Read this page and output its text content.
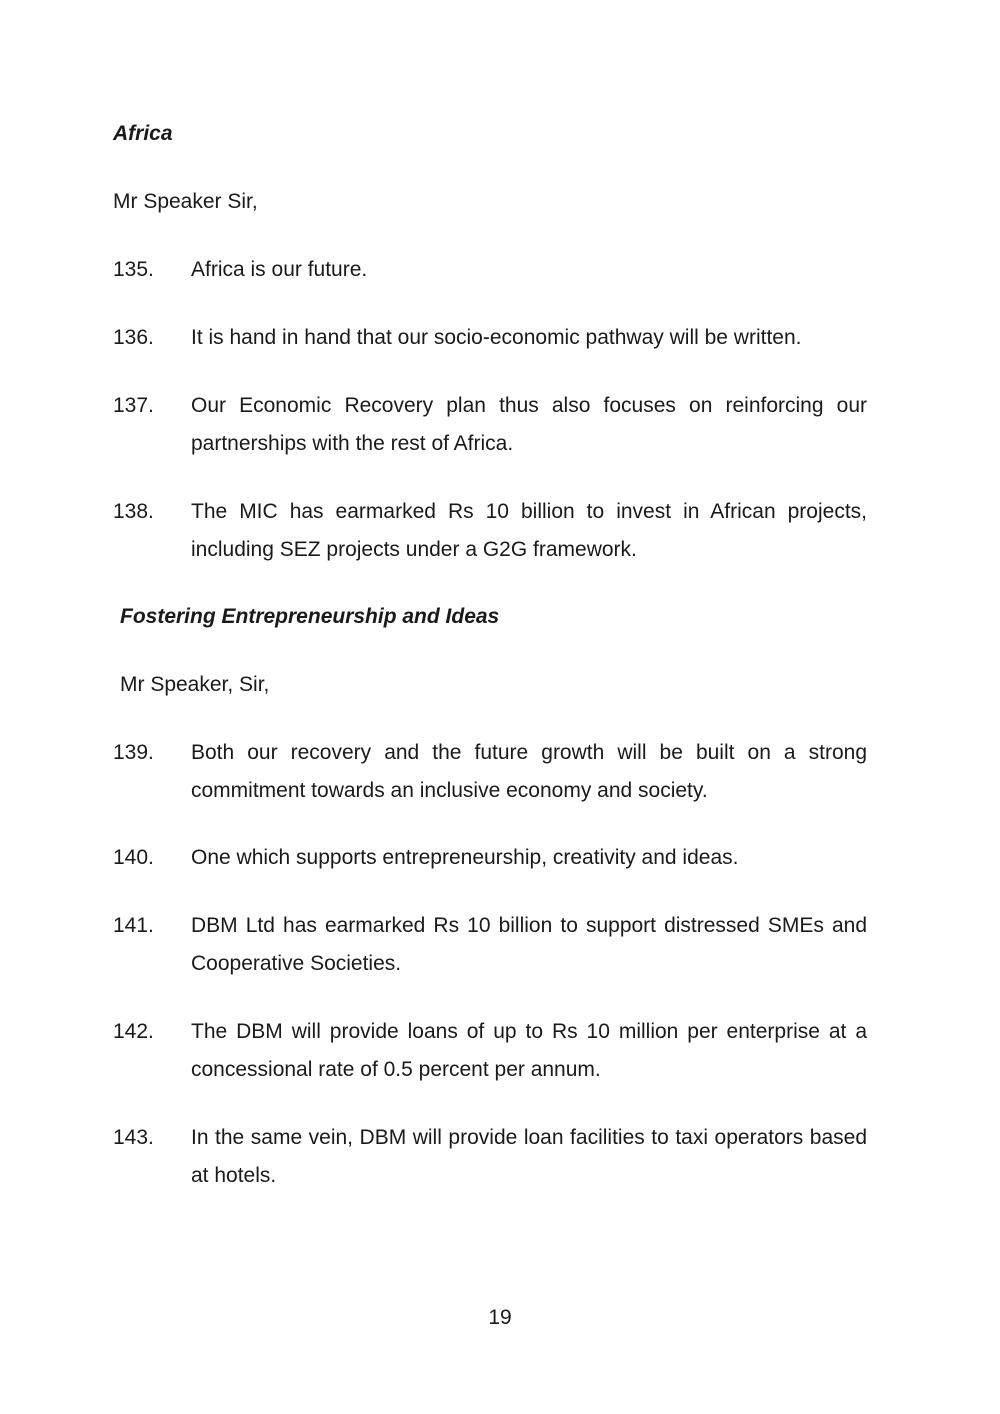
Africa
Mr Speaker Sir,
135.	Africa is our future.
136.	It is hand in hand that our socio-economic pathway will be written.
137.	Our Economic Recovery plan thus also focuses on reinforcing our partnerships with the rest of Africa.
138.	The MIC has earmarked Rs 10 billion to invest in African projects, including SEZ projects under a G2G framework.
Fostering Entrepreneurship and Ideas
Mr Speaker, Sir,
139.	Both our recovery and the future growth will be built on a strong commitment towards an inclusive economy and society.
140.	One which supports entrepreneurship, creativity and ideas.
141.	DBM Ltd has earmarked Rs 10 billion to support distressed SMEs and Cooperative Societies.
142.	The DBM will provide loans of up to Rs 10 million per enterprise at a concessional rate of 0.5 percent per annum.
143.	In the same vein, DBM will provide loan facilities to taxi operators based at hotels.
19
